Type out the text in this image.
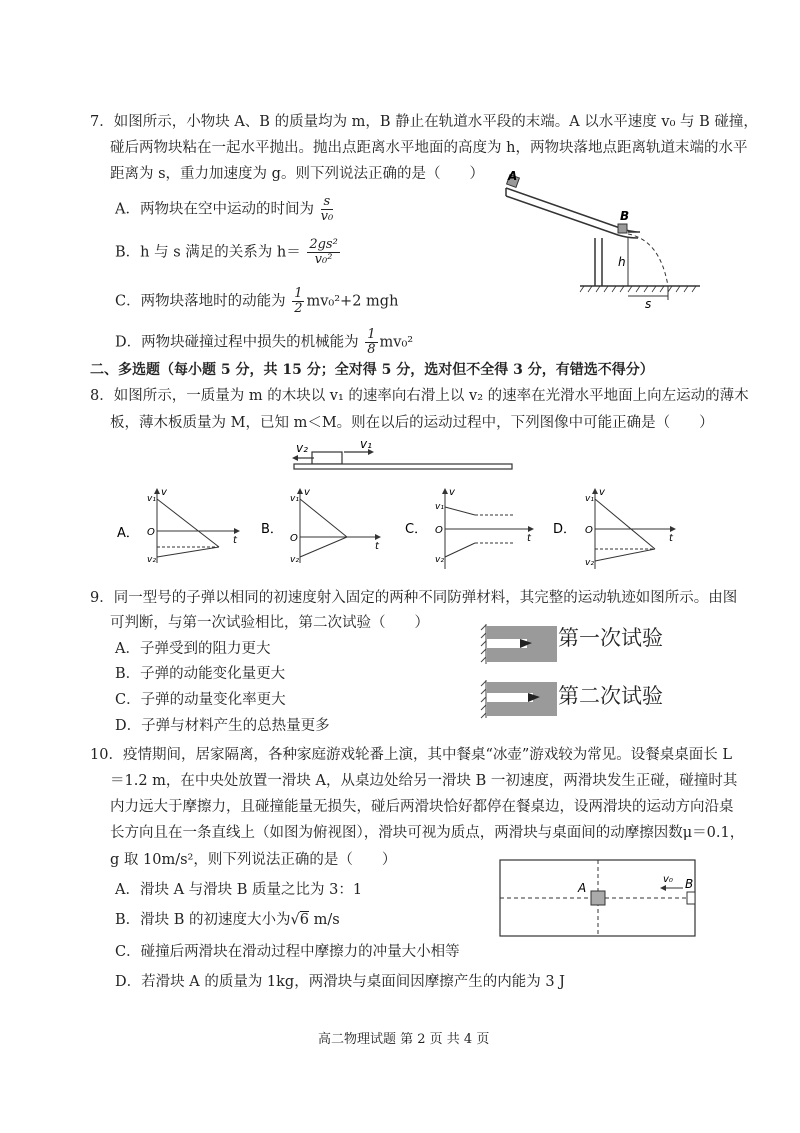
7．如图所示，小物块 A、B 的质量均为 m，B 静止在轨道水平段的末端。A 以水平速度 v₀ 与 B 碰撞，
碰后两物块粘在一起水平抛出。抛出点距离水平地面的高度为 h，两物块落地点距离轨道末端的水平
距离为 s，重力加速度为 g。则下列说法正确的是（　　）
A．两物块在空中运动的时间为 $\frac{s}{\text{v₀}}$
B．h 与 s 满足的关系为 $h= \frac{\text{2gs²}}{\text{v₀²}}$
C．两物块落地时的动能为 $\frac{1}{2} mv_0^2+2$ mgh
D．两物块碰撞过程中损失的机械能为 $\frac{1}{8} mv_0^2$
A
B
h
s
二、多选题（每小题 5 分，共 15 分；全对得 5 分，选对但不全得 3 分，有错选不得分）
8．如图所示，一质量为 m 的木块以 v₁ 的速率向右滑上以 v₂ 的速率在光滑水平地面上向左运动的薄木
板，薄木板质量为 M，已知 m＜M。则在以后的运动过程中，下列图像中可能正确是（　　）
v₁
v₂
A．
v
v₁
O
v₂
t
B．
v
v₁
O
v₂
t
C．
v
v₁
O
v₂
t
D．
v
v₁
O
v₂
t
9．同一型号的子弹以相同的初速度射入固定的两种不同防弹材料，其完整的运动轨迹如图所示。由图
可判断，与第一次试验相比，第二次试验（　　）
A．子弹受到的阻力更大
B．子弹的动能变化量更大
C．子弹的动量变化率更大
D．子弹与材料产生的总热量更多
第一次试验
第二次试验
10．疫情期间，居家隔离，各种家庭游戏轮番上演，其中餐桌“冰壶”游戏较为常见。设餐桌桌面长 L
＝1.2 m，在中央处放置一滑块 A，从桌边处给另一滑块 B 一初速度，两滑块发生正碰，碰撞时其
内力远大于摩擦力，且碰撞能量无损失，碰后两滑块恰好都停在餐桌边，设两滑块的运动方向沿桌
长方向且在一条直线上（如图为俯视图），滑块可视为质点，两滑块与桌面间的动摩擦因数μ＝0.1，
g 取 10m/s²，则下列说法正确的是（　　）
A．滑块 A 与滑块 B 质量之比为 3：1
B．滑块 B 的初速度大小为√6 m/s
C．碰撞后两滑块在滑动过程中摩擦力的冲量大小相等
D．若滑块 A 的质量为 1kg，两滑块与桌面间因摩擦产生的内能为 3 J
A	B
v₀
高二物理试题 第 2 页 共 4 页
